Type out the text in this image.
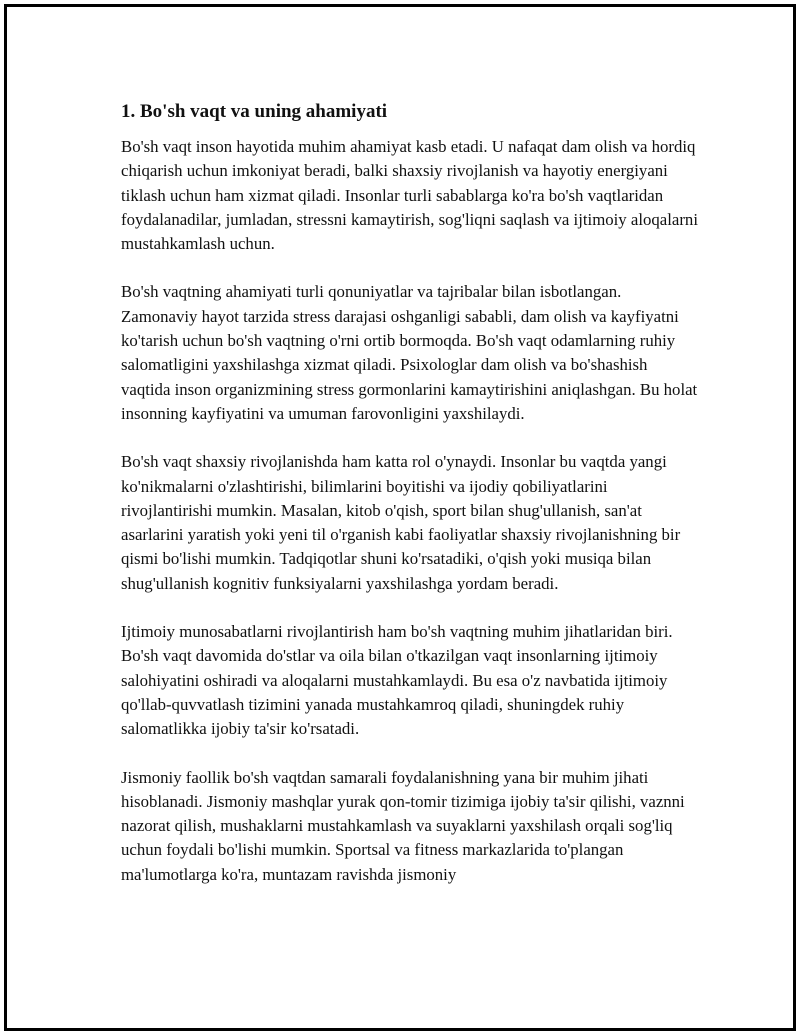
1. Bo'sh vaqt va uning ahamiyati

Bo'sh vaqt inson hayotida muhim ahamiyat kasb etadi. U nafaqat dam olish va hordiq chiqarish uchun imkoniyat beradi, balki shaxsiy rivojlanish va hayotiy energiyani tiklash uchun ham xizmat qiladi. Insonlar turli sabablarga ko'ra bo'sh vaqtlaridan foydalanadilar, jumladan, stressni kamaytirish, sog'liqni saqlash va ijtimoiy aloqalarni mustahkamlash uchun.

Bo'sh vaqtning ahamiyati turli qonuniyatlar va tajribalar bilan isbotlangan. Zamonaviy hayot tarzida stress darajasi oshganligi sababli, dam olish va kayfiyatni ko'tarish uchun bo'sh vaqtning o'rni ortib bormoqda. Bo'sh vaqt odamlarning ruhiy salomatligini yaxshilashga xizmat qiladi. Psixologlar dam olish va bo'shashish vaqtida inson organizmining stress gormonlarini kamaytirishini aniqlashgan. Bu holat insonning kayfiyatini va umuman farovonligini yaxshilaydi.

Bo'sh vaqt shaxsiy rivojlanishda ham katta rol o'ynaydi. Insonlar bu vaqtda yangi ko'nikmalarni o'zlashtirishi, bilimlarini boyitishi va ijodiy qobiliyatlarini rivojlantirishi mumkin. Masalan, kitob o'qish, sport bilan shug'ullanish, san'at asarlarini yaratish yoki yeni til o'rganish kabi faoliyatlar shaxsiy rivojlanishning bir qismi bo'lishi mumkin. Tadqiqotlar shuni ko'rsatadiki, o'qish yoki musiqa bilan shug'ullanish kognitiv funksiyalarni yaxshilashga yordam beradi.

Ijtimoiy munosabatlarni rivojlantirish ham bo'sh vaqtning muhim jihatlaridan biri. Bo'sh vaqt davomida do'stlar va oila bilan o'tkazilgan vaqt insonlarning ijtimoiy salohiyatini oshiradi va aloqalarni mustahkamlaydi. Bu esa o'z navbatida ijtimoiy qo'llab-quvvatlash tizimini yanada mustahkamroq qiladi, shuningdek ruhiy salomatlikka ijobiy ta'sir ko'rsatadi.

Jismoniy faollik bo'sh vaqtdan samarali foydalanishning yana bir muhim jihati hisoblanadi. Jismoniy mashqlar yurak qon-tomir tizimiga ijobiy ta'sir qilishi, vaznni nazorat qilish, mushaklarni mustahkamlash va suyaklarni yaxshilash orqali sog'liq uchun foydali bo'lishi mumkin. Sportsal va fitness markazlarida to'plangan ma'lumotlarga ko'ra, muntazam ravishda jismoniy
